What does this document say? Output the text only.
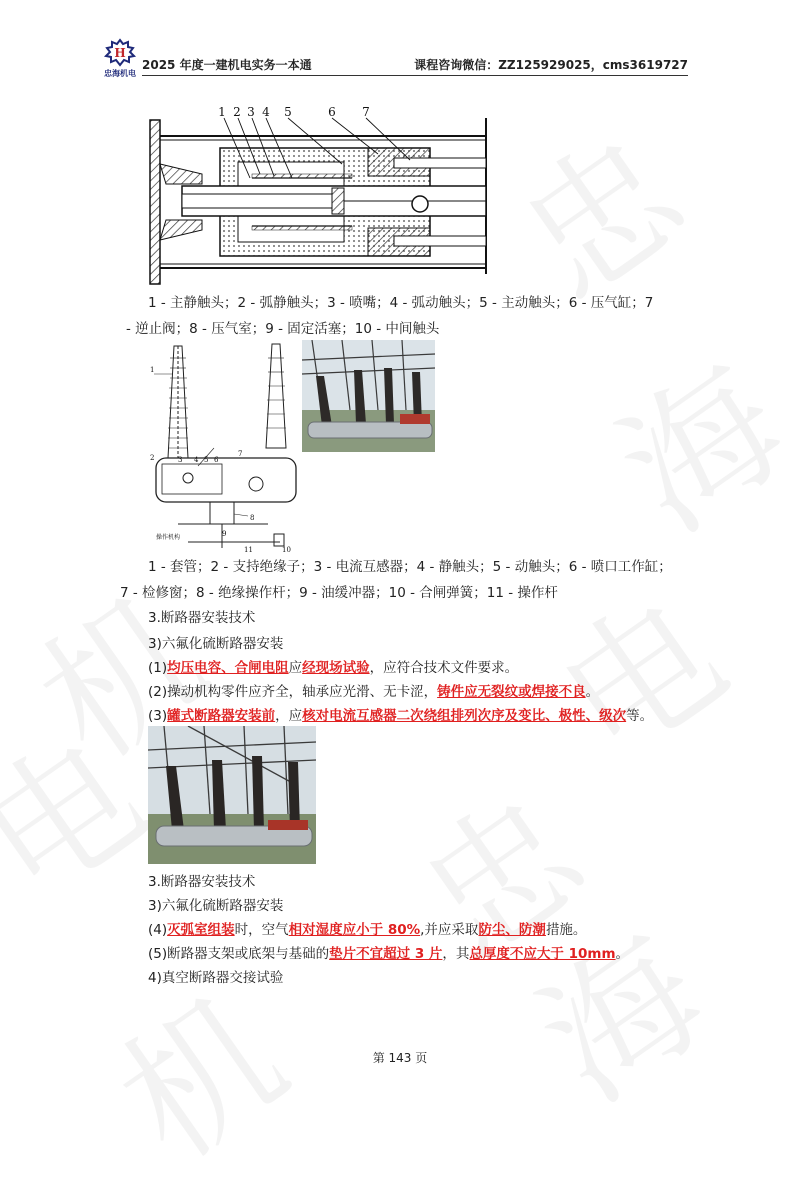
H
忠海机电
2025 年度一建机电实务一本通	课程咨询微信：ZZ125929025，cms3619727
1 2 3 4 5	6 7
1 - 主静触头；2 - 弧静触头；3 - 喷嘴；4 - 弧动触头；5 - 主动触头；6 - 压气缸；7
- 逆止阀；8 - 压气室；9 - 固定活塞；10 - 中间触头
1
2	3 4 5 6
7
8
9
10
11
操作机构
1 - 套管；2 - 支持绝缘子；3 - 电流互感器；4 - 静触头；5 - 动触头；6 - 喷口工作缸；
7 - 检修窗；8 - 绝缘操作杆；9 - 油缓冲器；10 - 合闸弹簧；11 - 操作杆
3.断路器安装技术
3)六氟化硫断路器安装
(1)均压电容、合闸电阻应经现场试验，应符合技术文件要求。
(2)操动机构零件应齐全，轴承应光滑、无卡涩，铸件应无裂纹或焊接不良。
(3)罐式断路器安装前，应核对电流互感器二次绕组排列次序及变比、极性、级次等。
3.断路器安装技术
3)六氟化硫断路器安装
(4)灭弧室组装时，空气相对湿度应小于 80%,并应采取防尘、防潮措施。
(5)断路器支架或底架与基础的垫片不宜超过 3 片，其总厚度不应大于 10mm。
4)真空断路器交接试验
第 143 页
